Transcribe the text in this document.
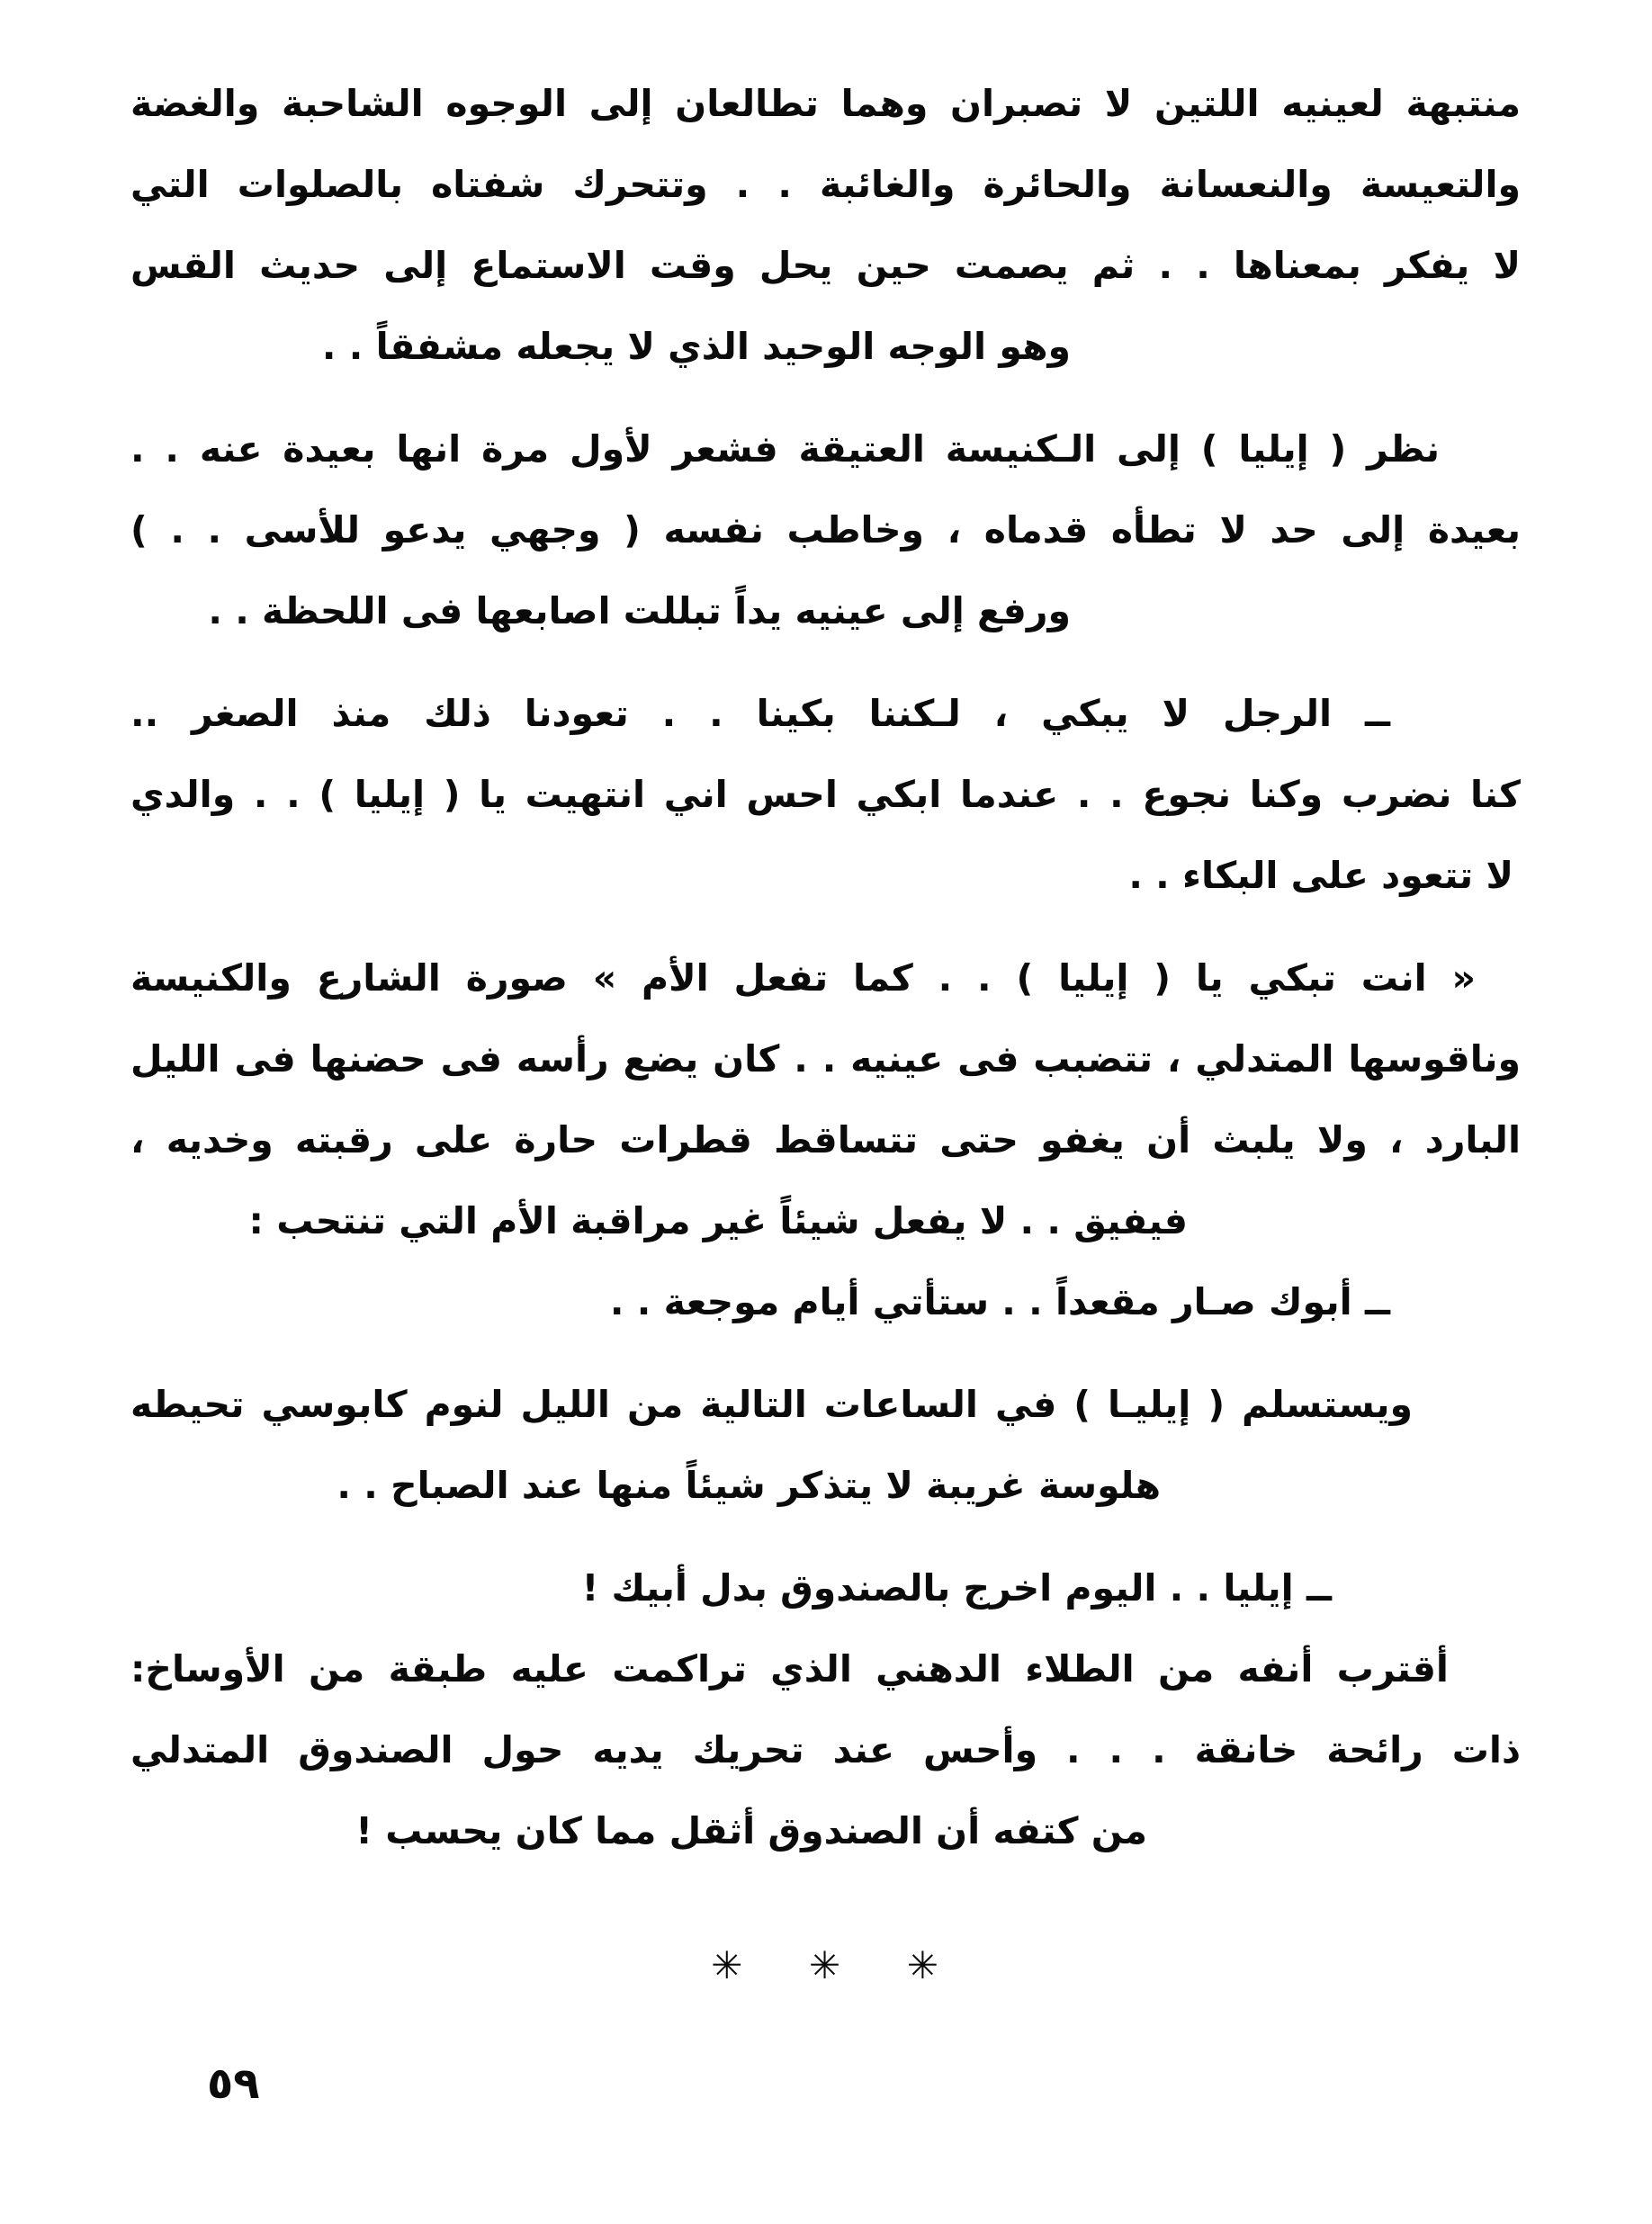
منتبهة لعينيه اللتين لا تصبران وهما تطالعان إلى الوجوه الشاحبة والغضة
والتعيسة والنعسانة والحائرة والغائبة . . وتتحرك شفتاه بالصلوات التي
لا يفكر بمعناها . . ثم يصمت حين يحل وقت الاستماع إلى حديث القس
وهو الوجه الوحيد الذي لا يجعله مشفقاً . .
نظر ( إيليا ) إلى الـكنيسة العتيقة فشعر لأول مرة انها بعيدة عنه . .
بعيدة إلى حد لا تطأه قدماه ، وخاطب نفسه ( وجهي يدعو للأسى . . )
ورفع إلى عينيه يداً تبللت اصابعها فى اللحظة . .
ــ الرجل لا يبكي ، لـكننا بكينا . . تعودنا ذلك منذ الصغر ..
كنا نضرب وكنا نجوع . . عندما ابكي احس اني انتهيت يا ( إيليا ) . . والدي
لا تتعود على البكاء . .
« انت تبكي يا ( إيليا ) . . كما تفعل الأم » صورة الشارع والكنيسة
وناقوسها المتدلي ، تتضبب فى عينيه . . كان يضع رأسه فى حضنها فى الليل
البارد ، ولا يلبث أن يغفو حتى تتساقط قطرات حارة على رقبته وخديه ،
فيفيق . . لا يفعل شيئاً غير مراقبة الأم التي تنتحب :
ــ أبوك صـار مقعداً . . ستأتي أيام موجعة . .
ويستسلم ( إيليـا ) في الساعات التالية من الليل لنوم كابوسي تحيطه
هلوسة غريبة لا يتذكر شيئاً منها عند الصباح . .
ــ إيليا . . اليوم اخرج بالصندوق بدل أبيك !
أقترب أنفه من الطلاء الدهني الذي تراكمت عليه طبقة من الأوساخ:
ذات رائحة خانقة . . . وأحس عند تحريك يديه حول الصندوق المتدلي
من كتفه أن الصندوق أثقل مما كان يحسب !
✳ ✳ ✳
٥٩
